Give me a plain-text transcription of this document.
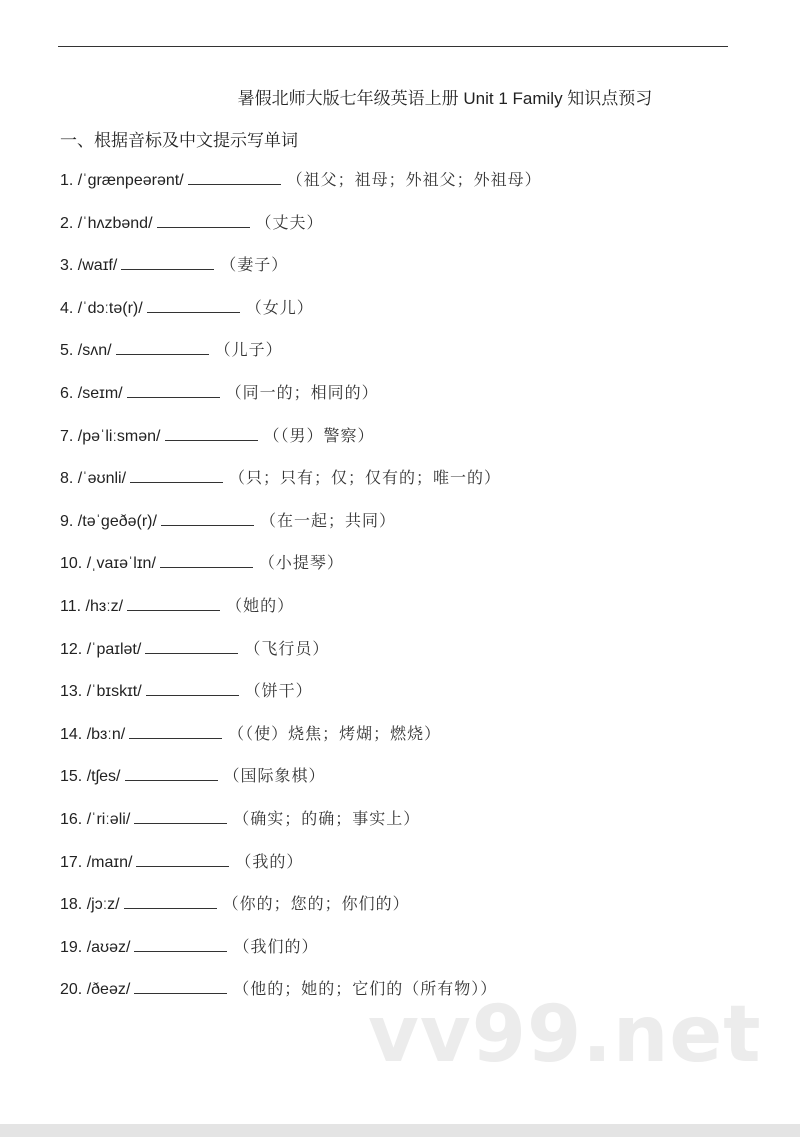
暑假北师大版七年级英语上册 Unit 1 Family 知识点预习
一、根据音标及中文提示写单词
1. /ˈɡrænpeərənt/	（祖父；祖母；外祖父；外祖母）
2. /ˈhʌzbənd/	（丈夫）
3. /waɪf/	（妻子）
4. /ˈdɔːtə(r)/	（女儿）
5. /sʌn/	（儿子）
6. /seɪm/	（同一的；相同的）
7. /pəˈliːsmən/	（（男）警察）
8. /ˈəʊnli/	（只；只有；仅；仅有的；唯一的）
9. /təˈɡeðə(r)/	（在一起；共同）
10. /ˌvaɪəˈlɪn/	（小提琴）
11. /hɜːz/	（她的）
12. /ˈpaɪlət/	（飞行员）
13. /ˈbɪskɪt/	（饼干）
14. /bɜːn/	（（使）烧焦；烤煳；燃烧）
15. /tʃes/	（国际象棋）
16. /ˈriːəli/	（确实；的确；事实上）
17. /maɪn/	（我的）
18. /jɔːz/	（你的；您的；你们的）
19. /aʊəz/	（我们的）
20. /ðeəz/	（他的；她的；它们的（所有物））
vv99.net
